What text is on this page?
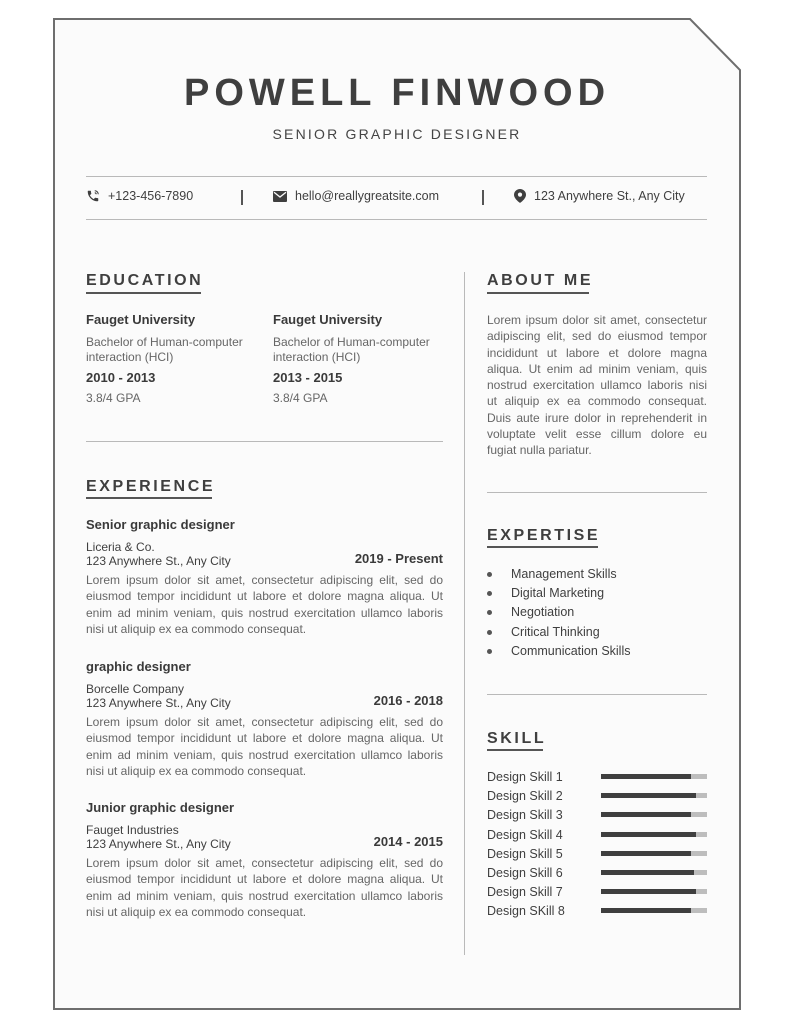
POWELL FINWOOD
SENIOR GRAPHIC DESIGNER
+123-456-7890	hello@reallygreatsite.com	123 Anywhere St., Any City
EDUCATION
Fauget University
Bachelor of Human-computer interaction (HCI)
2010 - 2013
3.8/4 GPA
Fauget University
Bachelor of Human-computer interaction (HCI)
2013 - 2015
3.8/4 GPA
EXPERIENCE
Senior graphic designer
Liceria & Co.
123 Anywhere St., Any City	2019 - Present
Lorem ipsum dolor sit amet, consectetur adipiscing elit, sed do eiusmod tempor incididunt ut labore et dolore magna aliqua. Ut enim ad minim veniam, quis nostrud exercitation ullamco laboris nisi ut aliquip ex ea commodo consequat.
graphic designer
Borcelle Company
123 Anywhere St., Any City	2016 - 2018
Lorem ipsum dolor sit amet, consectetur adipiscing elit, sed do eiusmod tempor incididunt ut labore et dolore magna aliqua. Ut enim ad minim veniam, quis nostrud exercitation ullamco laboris nisi ut aliquip ex ea commodo consequat.
Junior graphic designer
Fauget Industries
123 Anywhere St., Any City	2014 - 2015
Lorem ipsum dolor sit amet, consectetur adipiscing elit, sed do eiusmod tempor incididunt ut labore et dolore magna aliqua. Ut enim ad minim veniam, quis nostrud exercitation ullamco laboris nisi ut aliquip ex ea commodo consequat.
ABOUT ME
Lorem ipsum dolor sit amet, consectetur adipiscing elit, sed do eiusmod tempor incididunt ut labore et dolore magna aliqua. Ut enim ad minim veniam, quis nostrud exercitation ullamco laboris nisi ut aliquip ex ea commodo consequat. Duis aute irure dolor in reprehenderit in voluptate velit esse cillum dolore eu fugiat nulla pariatur.
EXPERTISE
Management Skills
Digital Marketing
Negotiation
Critical Thinking
Communication Skills
SKILL
Design Skill 1
Design Skill 2
Design Skill 3
Design Skill 4
Design Skill 5
Design Skill 6
Design Skill 7
Design SKill 8
